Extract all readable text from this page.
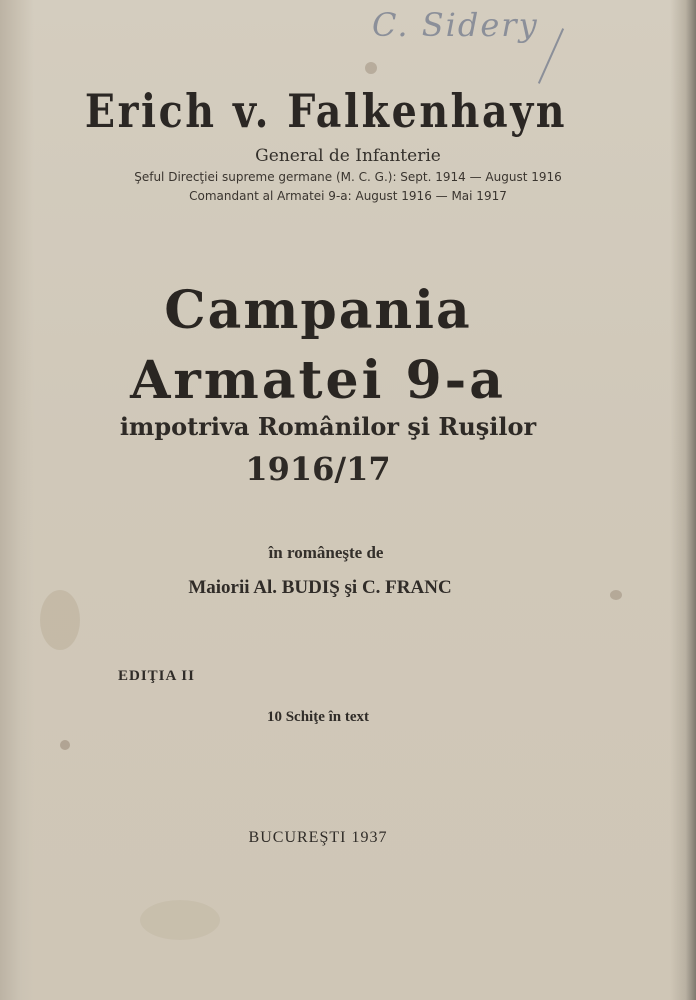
C. Sidery
Erich v. Falkenhayn
General de Infanterie
Şeful Direcţiei supreme germane (M. C. G.): Sept. 1914 — August 1916
Comandant al Armatei 9-a: August 1916 — Mai 1917
Campania
Armatei 9-a
impotriva Românilor şi Ruşilor
1916/17
în româneşte de
Maiorii Al. BUDIŞ şi C. FRANC
EDIŢIA II
10 Schiţe în text
BUCUREŞTI 1937
